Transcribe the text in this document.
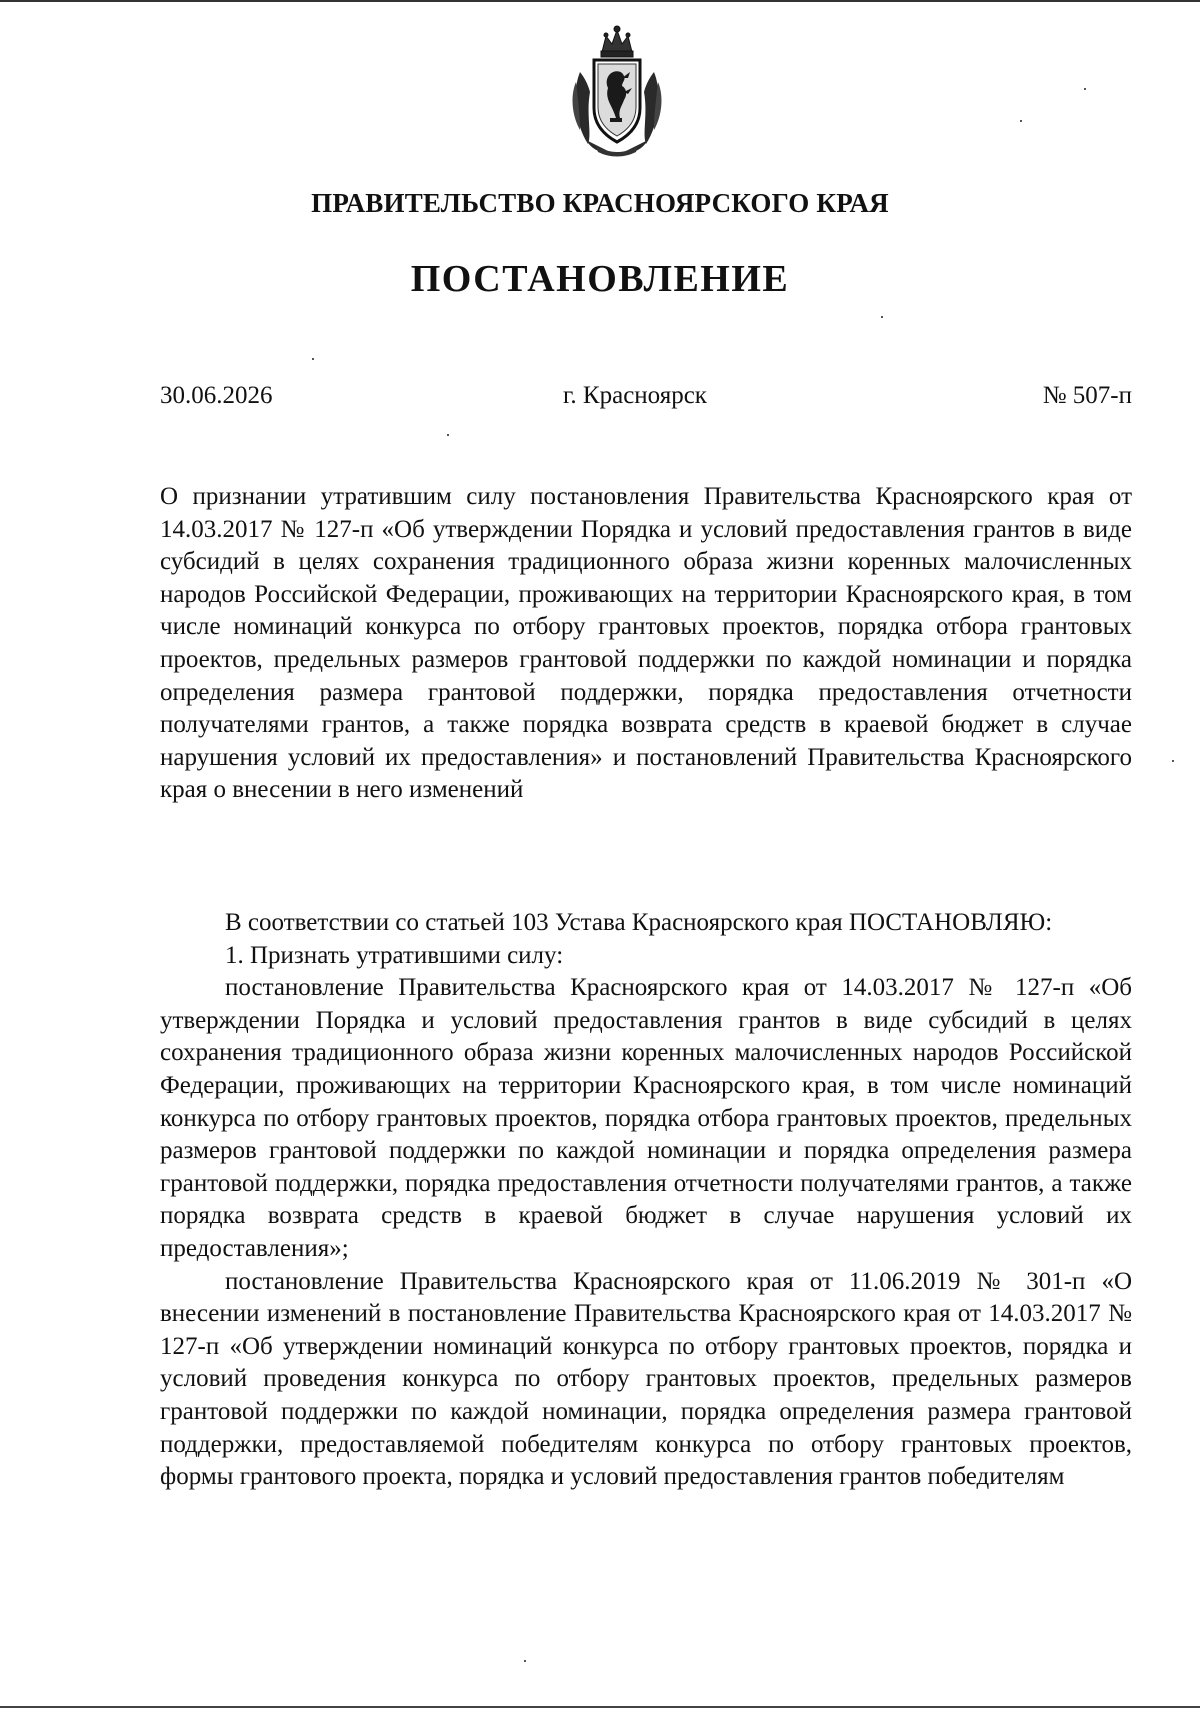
ПРАВИТЕЛЬСТВО КРАСНОЯРСКОГО КРАЯ
ПОСТАНОВЛЕНИЕ
30.06.2026	г. Красноярск	№ 507-п
О признании утратившим силу постановления Правительства Красноярского края от 14.03.2017 № 127-п «Об утверждении Порядка и условий предоставления грантов в виде субсидий в целях сохранения традиционного образа жизни коренных малочисленных народов Российской Федерации, проживающих на территории Красноярского края, в том числе номинаций конкурса по отбору грантовых проектов, порядка отбора грантовых проектов, предельных размеров грантовой поддержки по каждой номинации и порядка определения размера грантовой поддержки, порядка предоставления отчетности получателями грантов, а также порядка возврата средств в краевой бюджет в случае нарушения условий их предоставления» и постановлений Правительства Красноярского края о внесении в него изменений

В соответствии со статьей 103 Устава Красноярского края ПОСТАНОВЛЯЮ:

1. Признать утратившими силу:

постановление Правительства Красноярского края от 14.03.2017 № 127-п «Об утверждении Порядка и условий предоставления грантов в виде субсидий в целях сохранения традиционного образа жизни коренных малочисленных народов Российской Федерации, проживающих на территории Красноярского края, в том числе номинаций конкурса по отбору грантовых проектов, порядка отбора грантовых проектов, предельных размеров грантовой поддержки по каждой номинации и порядка определения размера грантовой поддержки, порядка предоставления отчетности получателями грантов, а также порядка возврата средств в краевой бюджет в случае нарушения условий их предоставления»;

постановление Правительства Красноярского края от 11.06.2019 № 301-п «О внесении изменений в постановление Правительства Красноярского края от 14.03.2017 № 127-п «Об утверждении номинаций конкурса по отбору грантовых проектов, порядка и условий проведения конкурса по отбору грантовых проектов, предельных размеров грантовой поддержки по каждой номинации, порядка определения размера грантовой поддержки, предоставляемой победителям конкурса по отбору грантовых проектов, формы грантового проекта, порядка и условий предоставления грантов победителям
